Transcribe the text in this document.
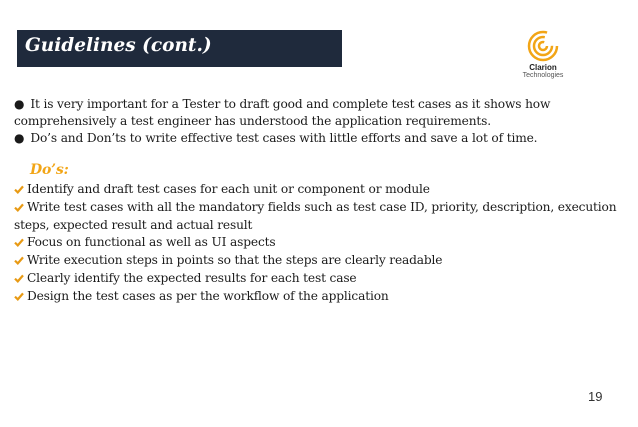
Guidelines (cont.)
Clarion
Technologies

● It is very important for a Tester to draft good and complete test cases as it shows how comprehensively a test engineer has understood the application requirements.

● Do’s and Don’ts to write effective test cases with little efforts and save a lot of time.

Do’s:

Identify and draft test cases for each unit or component or module

Write test cases with all the mandatory fields such as test case ID, priority, description, execution steps, expected result and actual result

Focus on functional as well as UI aspects

Write execution steps in points so that the steps are clearly readable

Clearly identify the expected results for each test case

Design the test cases as per the workflow of the application

19
